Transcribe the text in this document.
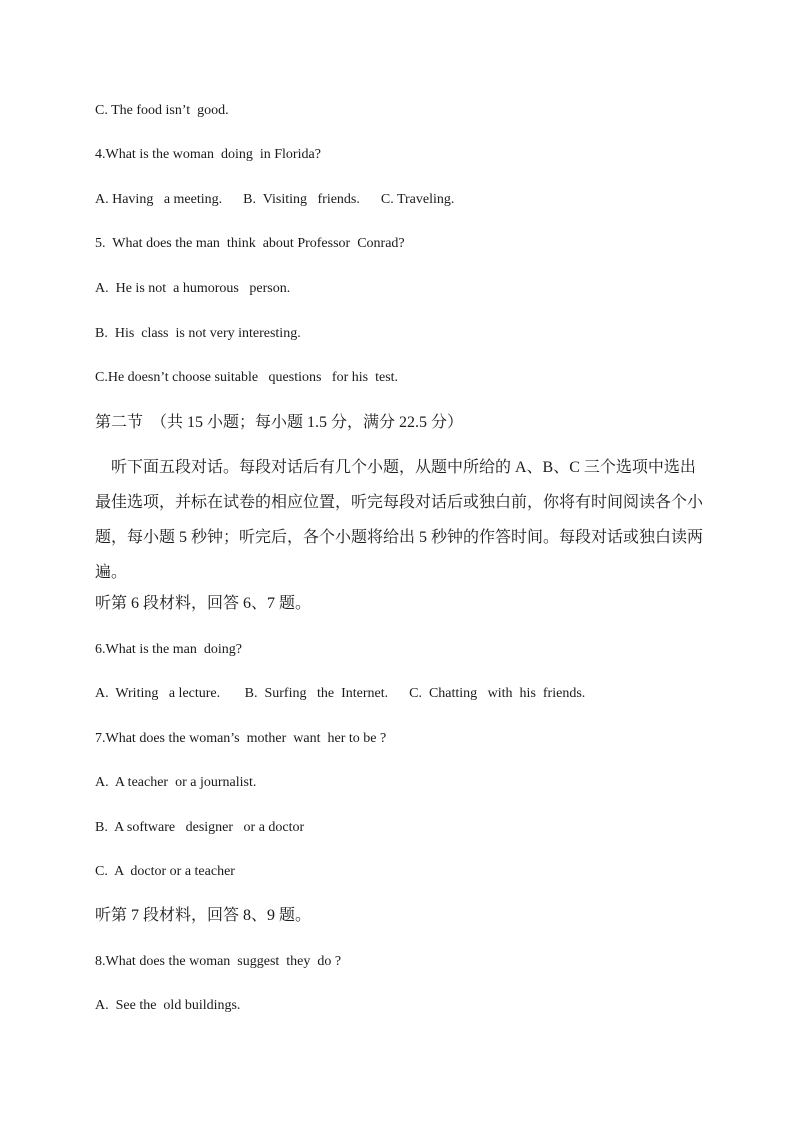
C. The food isn’t  good.
4.What is the woman  doing  in Florida?
A. Having   a meeting.      B.  Visiting   friends.      C. Traveling.
5.  What does the man  think  about Professor  Conrad?
A.  He is not  a humorous   person.
B.  His  class  is not very interesting.
C.He doesn’t choose suitable   questions   for his  test.
第二节  （共 15 小题；每小题 1.5 分，满分 22.5 分）
听下面五段对话。每段对话后有几个小题，从题中所给的 A、B、C 三个选项中选出最佳选项，并标在试卷的相应位置，听完每段对话后或独白前，你将有时间阅读各个小题，每小题 5 秒钟；听完后，各个小题将给出 5 秒钟的作答时间。每段对话或独白读两遍。
听第 6 段材料，回答 6、7 题。
6.What is the man  doing?
A.  Writing   a lecture.       B.  Surfing   the  Internet.      C.  Chatting   with  his  friends.
7.What does the woman’s  mother  want  her to be ?
A.  A teacher  or a journalist.
B.  A software   designer   or a doctor
C.  A  doctor or a teacher
听第 7 段材料，回答 8、9 题。
8.What does the woman  suggest  they  do ?
A.  See the  old buildings.
